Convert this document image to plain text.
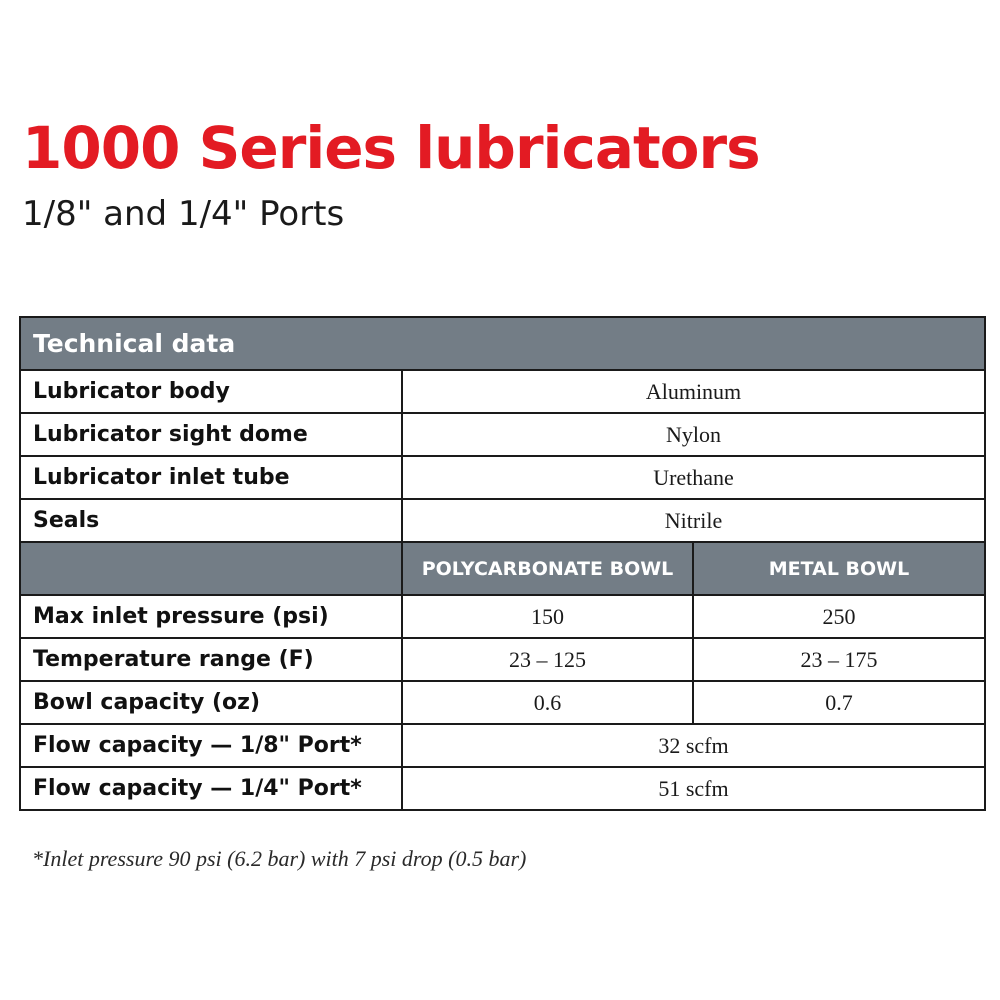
1000 Series lubricators
1/8" and 1/4" Ports
Technical data		
Lubricator body	Aluminum	
Lubricator sight dome	Nylon	
Lubricator inlet tube	Urethane	
Seals	Nitrile	
	POLYCARBONATE BOWL	METAL BOWL
Max inlet pressure (psi)	150	250
Temperature range (F)	23 – 125	23 – 175
Bowl capacity (oz)	0.6	0.7
Flow capacity — 1/8" Port*	32 scfm	
Flow capacity — 1/4" Port*	51 scfm	

*Inlet pressure 90 psi (6.2 bar) with 7 psi drop (0.5 bar)
